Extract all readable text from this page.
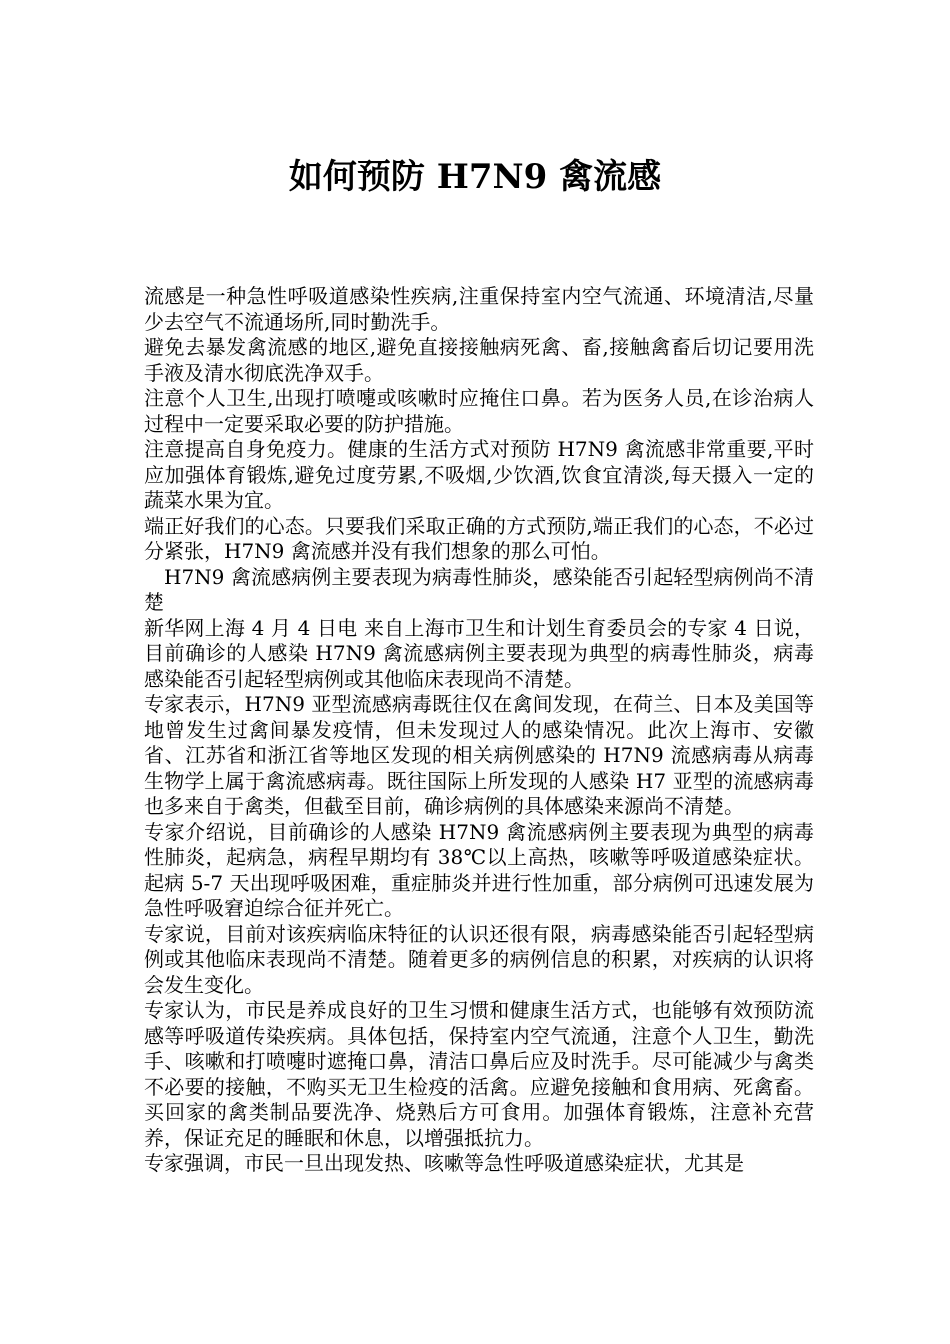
如何预防 H7N9 禽流感

流感是一种急性呼吸道感染性疾病,注重保持室内空气流通、环境清洁,尽量少去空气不流通场所,同时勤洗手。

避免去暴发禽流感的地区,避免直接接触病死禽、畜,接触禽畜后切记要用洗手液及清水彻底洗净双手。

注意个人卫生,出现打喷嚏或咳嗽时应掩住口鼻。若为医务人员,在诊治病人过程中一定要采取必要的防护措施。

注意提高自身免疫力。健康的生活方式对预防 H7N9 禽流感非常重要,平时应加强体育锻炼,避免过度劳累,不吸烟,少饮酒,饮食宜清淡,每天摄入一定的蔬菜水果为宜。

端正好我们的心态。只要我们采取正确的方式预防,端正我们的心态，不必过分紧张，H7N9 禽流感并没有我们想象的那么可怕。

H7N9 禽流感病例主要表现为病毒性肺炎，感染能否引起轻型病例尚不清楚

新华网上海 4 月 4 日电 来自上海市卫生和计划生育委员会的专家 4 日说，目前确诊的人感染 H7N9 禽流感病例主要表现为典型的病毒性肺炎，病毒感染能否引起轻型病例或其他临床表现尚不清楚。

专家表示，H7N9 亚型流感病毒既往仅在禽间发现，在荷兰、日本及美国等地曾发生过禽间暴发疫情，但未发现过人的感染情况。此次上海市、安徽省、江苏省和浙江省等地区发现的相关病例感染的 H7N9 流感病毒从病毒生物学上属于禽流感病毒。既往国际上所发现的人感染 H7 亚型的流感病毒也多来自于禽类，但截至目前，确诊病例的具体感染来源尚不清楚。

专家介绍说，目前确诊的人感染 H7N9 禽流感病例主要表现为典型的病毒性肺炎，起病急，病程早期均有 38℃以上高热，咳嗽等呼吸道感染症状。起病 5-7 天出现呼吸困难，重症肺炎并进行性加重，部分病例可迅速发展为急性呼吸窘迫综合征并死亡。

专家说，目前对该疾病临床特征的认识还很有限，病毒感染能否引起轻型病例或其他临床表现尚不清楚。随着更多的病例信息的积累，对疾病的认识将会发生变化。

专家认为，市民是养成良好的卫生习惯和健康生活方式，也能够有效预防流感等呼吸道传染疾病。具体包括，保持室内空气流通，注意个人卫生，勤洗手、咳嗽和打喷嚏时遮掩口鼻，清洁口鼻后应及时洗手。尽可能减少与禽类不必要的接触，不购买无卫生检疫的活禽。应避免接触和食用病、死禽畜。买回家的禽类制品要洗净、烧熟后方可食用。加强体育锻炼，注意补充营养，保证充足的睡眠和休息，以增强抵抗力。

专家强调，市民一旦出现发热、咳嗽等急性呼吸道感染症状，尤其是
